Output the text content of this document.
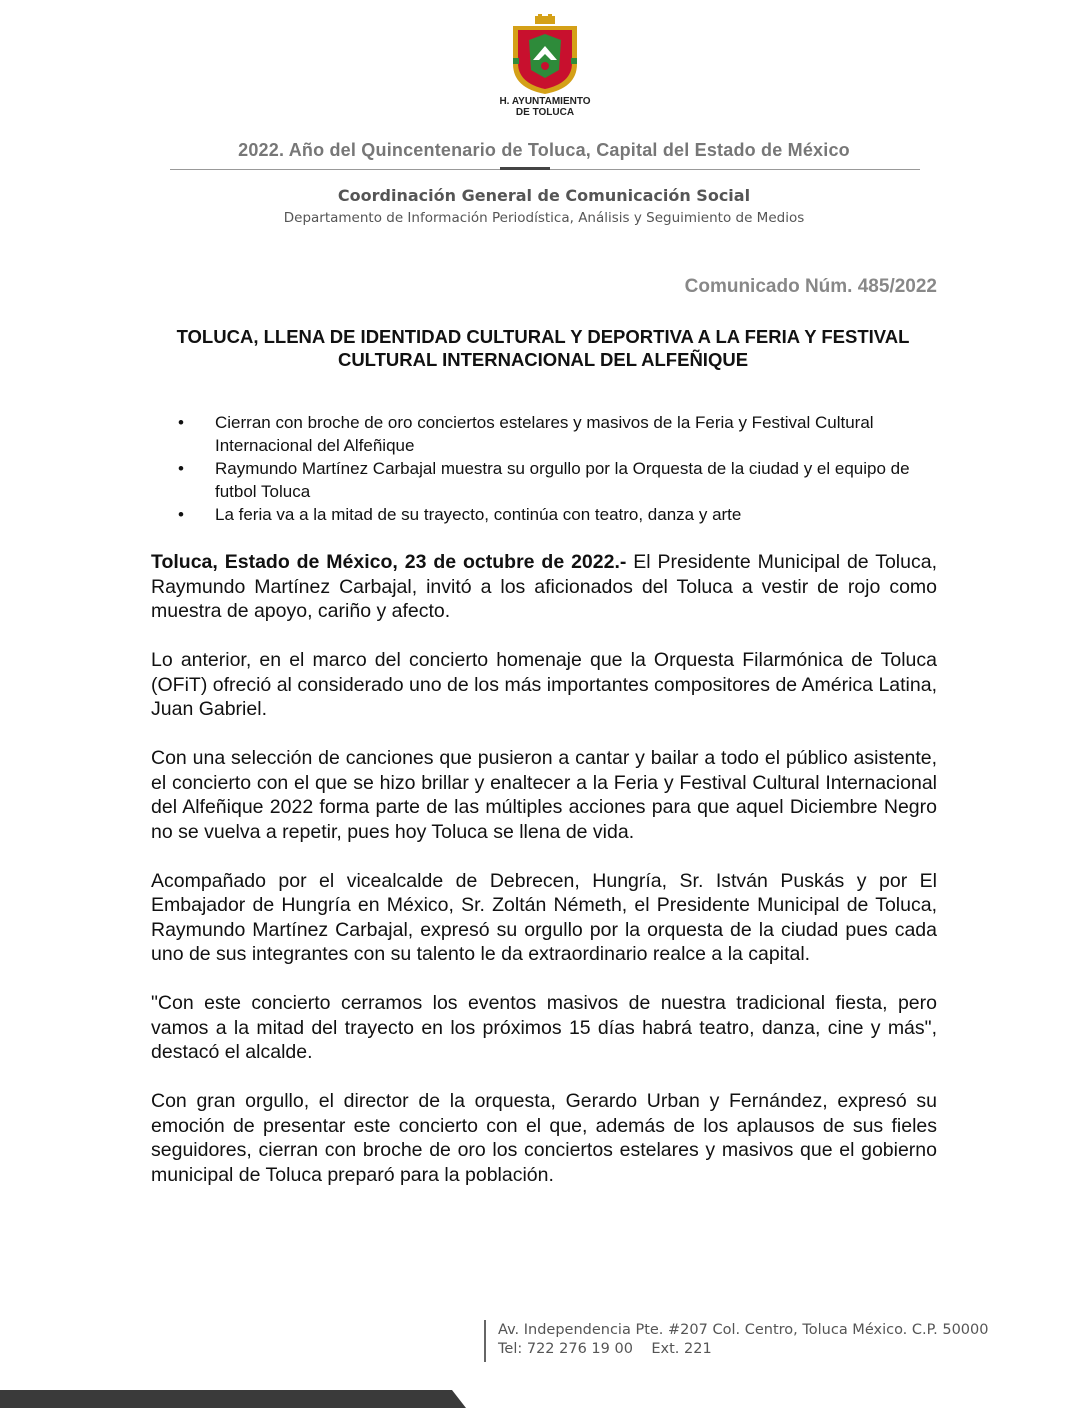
H. AYUNTAMIENTO
DE TOLUCA
2022. Año del Quincentenario de Toluca, Capital del Estado de México
Coordinación General de Comunicación Social
Departamento de Información Periodística, Análisis y Seguimiento de Medios
Comunicado Núm. 485/2022
TOLUCA, LLENA DE IDENTIDAD CULTURAL Y DEPORTIVA A LA FERIA Y FESTIVAL CULTURAL INTERNACIONAL DEL ALFEÑIQUE
• Cierran con broche de oro conciertos estelares y masivos de la Feria y Festival Cultural Internacional del Alfeñique
• Raymundo Martínez Carbajal muestra su orgullo por la Orquesta de la ciudad y el equipo de futbol Toluca
• La feria va a la mitad de su trayecto, continúa con teatro, danza y arte

Toluca, Estado de México, 23 de octubre de 2022.- El Presidente Municipal de Toluca, Raymundo Martínez Carbajal, invitó a los aficionados del Toluca a vestir de rojo como muestra de apoyo, cariño y afecto.

Lo anterior, en el marco del concierto homenaje que la Orquesta Filarmónica de Toluca (OFiT) ofreció al considerado uno de los más importantes compositores de América Latina, Juan Gabriel.

Con una selección de canciones que pusieron a cantar y bailar a todo el público asistente, el concierto con el que se hizo brillar y enaltecer a la Feria y Festival Cultural Internacional del Alfeñique 2022 forma parte de las múltiples acciones para que aquel Diciembre Negro no se vuelva a repetir, pues hoy Toluca se llena de vida.

Acompañado por el vicealcalde de Debrecen, Hungría, Sr. István Puskás y por El Embajador de Hungría en México, Sr. Zoltán Németh, el Presidente Municipal de Toluca, Raymundo Martínez Carbajal, expresó su orgullo por la orquesta de la ciudad pues cada uno de sus integrantes con su talento le da extraordinario realce a la capital.

"Con este concierto cerramos los eventos masivos de nuestra tradicional fiesta, pero vamos a la mitad del trayecto en los próximos 15 días habrá teatro, danza, cine y más", destacó el alcalde.

Con gran orgullo, el director de la orquesta, Gerardo Urban y Fernández, expresó su emoción de presentar este concierto con el que, además de los aplausos de sus fieles seguidores, cierran con broche de oro los conciertos estelares y masivos que el gobierno municipal de Toluca preparó para la población.

Av. Independencia Pte. #207 Col. Centro, Toluca México. C.P. 50000
Tel: 722 276 19 00    Ext. 221
